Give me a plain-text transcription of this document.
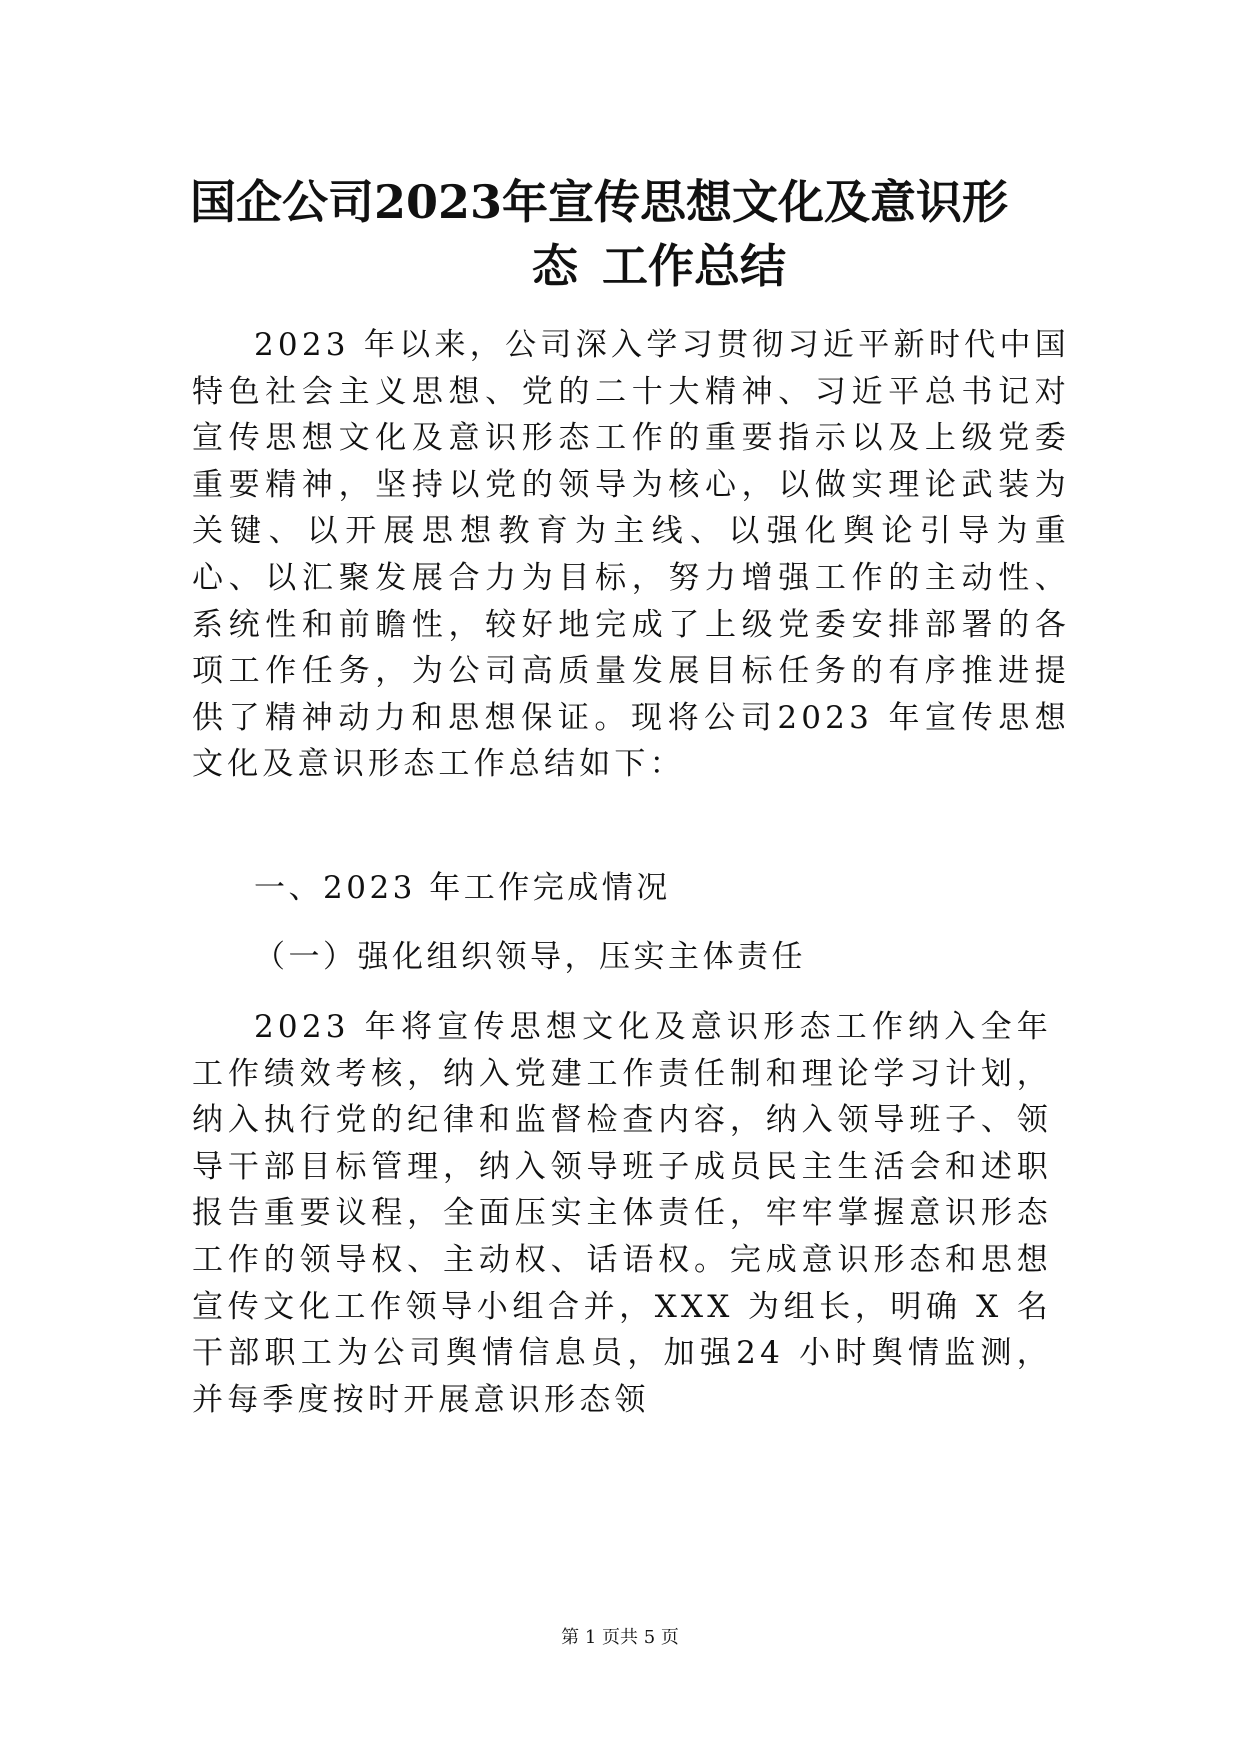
国企公司2023年宣传思想文化及意识形
态 工作总结

2023 年以来，公司深入学习贯彻习近平新时代中国特色社会主义思想、党的二十大精神、习近平总书记对宣传思想文化及意识形态工作的重要指示以及上级党委重要精神，坚持以党的领导为核心，以做实理论武装为关键、以开展思想教育为主线、以强化舆论引导为重心、以汇聚发展合力为目标，努力增强工作的主动性、系统性和前瞻性，较好地完成了上级党委安排部署的各项工作任务，为公司高质量发展目标任务的有序推进提供了精神动力和思想保证。现将公司2023 年宣传思想文化及意识形态工作总结如下：

一、2023 年工作完成情况

（一）强化组织领导，压实主体责任

2023 年将宣传思想文化及意识形态工作纳入全年工作绩效考核，纳入党建工作责任制和理论学习计划，纳入执行党的纪律和监督检查内容，纳入领导班子、领导干部目标管理，纳入领导班子成员民主生活会和述职报告重要议程，全面压实主体责任，牢牢掌握意识形态工作的领导权、主动权、话语权。完成意识形态和思想宣传文化工作领导小组合并，XXX 为组长，明确 X 名干部职工为公司舆情信息员，加强24 小时舆情监测，并每季度按时开展意识形态领

第 1 页共 5 页
